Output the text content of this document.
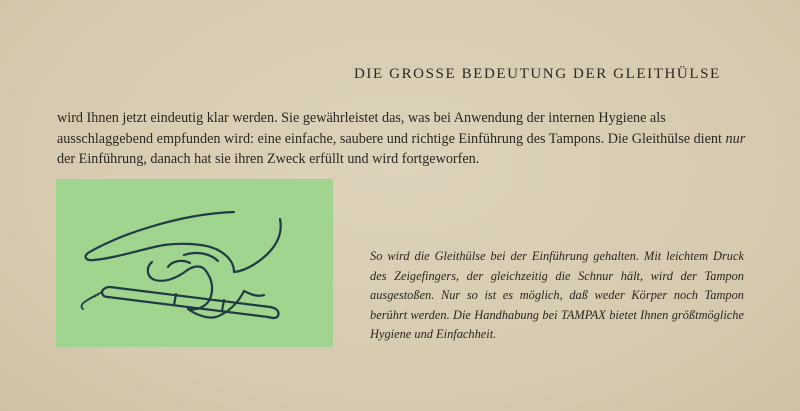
DIE GROSSE BEDEUTUNG DER GLEITHÜLSE
wird Ihnen jetzt eindeutig klar werden. Sie gewährleistet das, was bei Anwendung der internen Hygiene als ausschlaggebend empfunden wird: eine einfache, saubere und richtige Einführung des Tampons. Die Gleithülse dient nur der Einführung, danach hat sie ihren Zweck erfüllt und wird fortgeworfen.
So wird die Gleithülse bei der Einführung gehalten. Mit leichtem Druck des Zeigefingers, der gleichzeitig die Schnur hält, wird der Tampon ausgestoßen. Nur so ist es möglich, daß weder Körper noch Tampon berührt werden. Die Handhabung bei TAMPAX bietet Ihnen größtmögliche Hygiene und Einfachheit.
